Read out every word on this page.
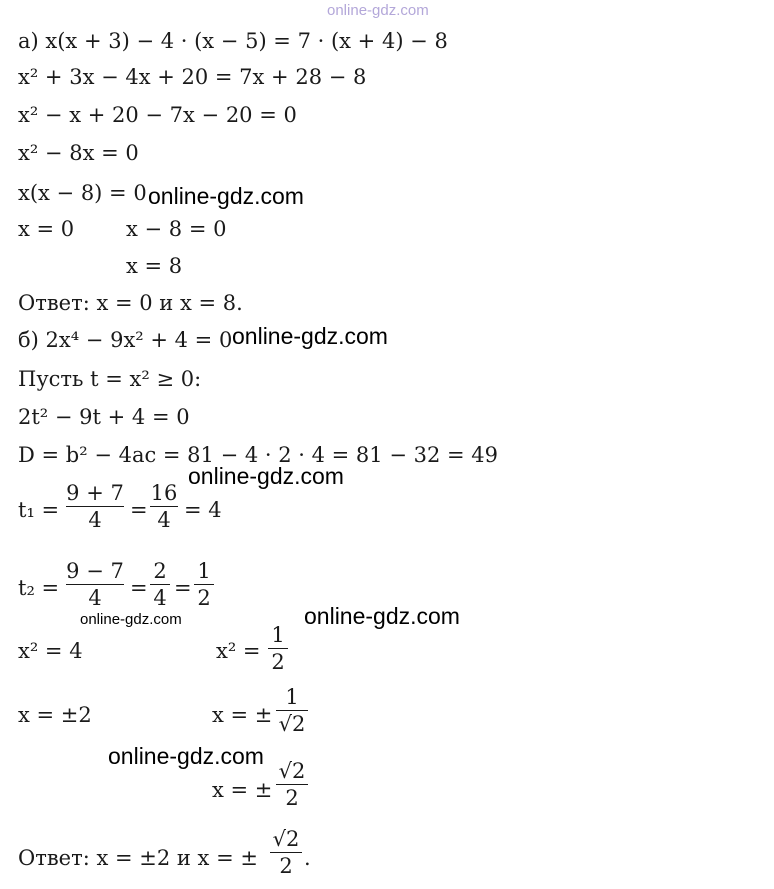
online-gdz.com
online-gdz.com
online-gdz.com
online-gdz.com
online-gdz.com	online-gdz.com
online-gdz.com
а) x(x + 3) − 4 · (x − 5) = 7 · (x + 4) − 8
x² + 3x − 4x + 20 = 7x + 28 − 8
x² − x + 20 − 7x − 20 = 0
x² − 8x = 0
x(x − 8) = 0
x = 0 x − 8 = 0
x = 8
Ответ: x = 0 и x = 8.
б) 2x⁴ − 9x² + 4 = 0
Пусть t = x² ≥ 0:
2t² − 9t + 4 = 0
D = b² − 4ac = 81 − 4 · 2 · 4 = 81 − 32 = 49
t₁ =
9 + 7
4 =
16
4 = 4
t₂ =
9 − 7
4 =
2
4 =
1
2
x² = 4	x² =
1
2
x = ±2	x = ±
1
√2
x = ±
√2
2
Ответ: x = ±2 и x = ±
√2
2 .
